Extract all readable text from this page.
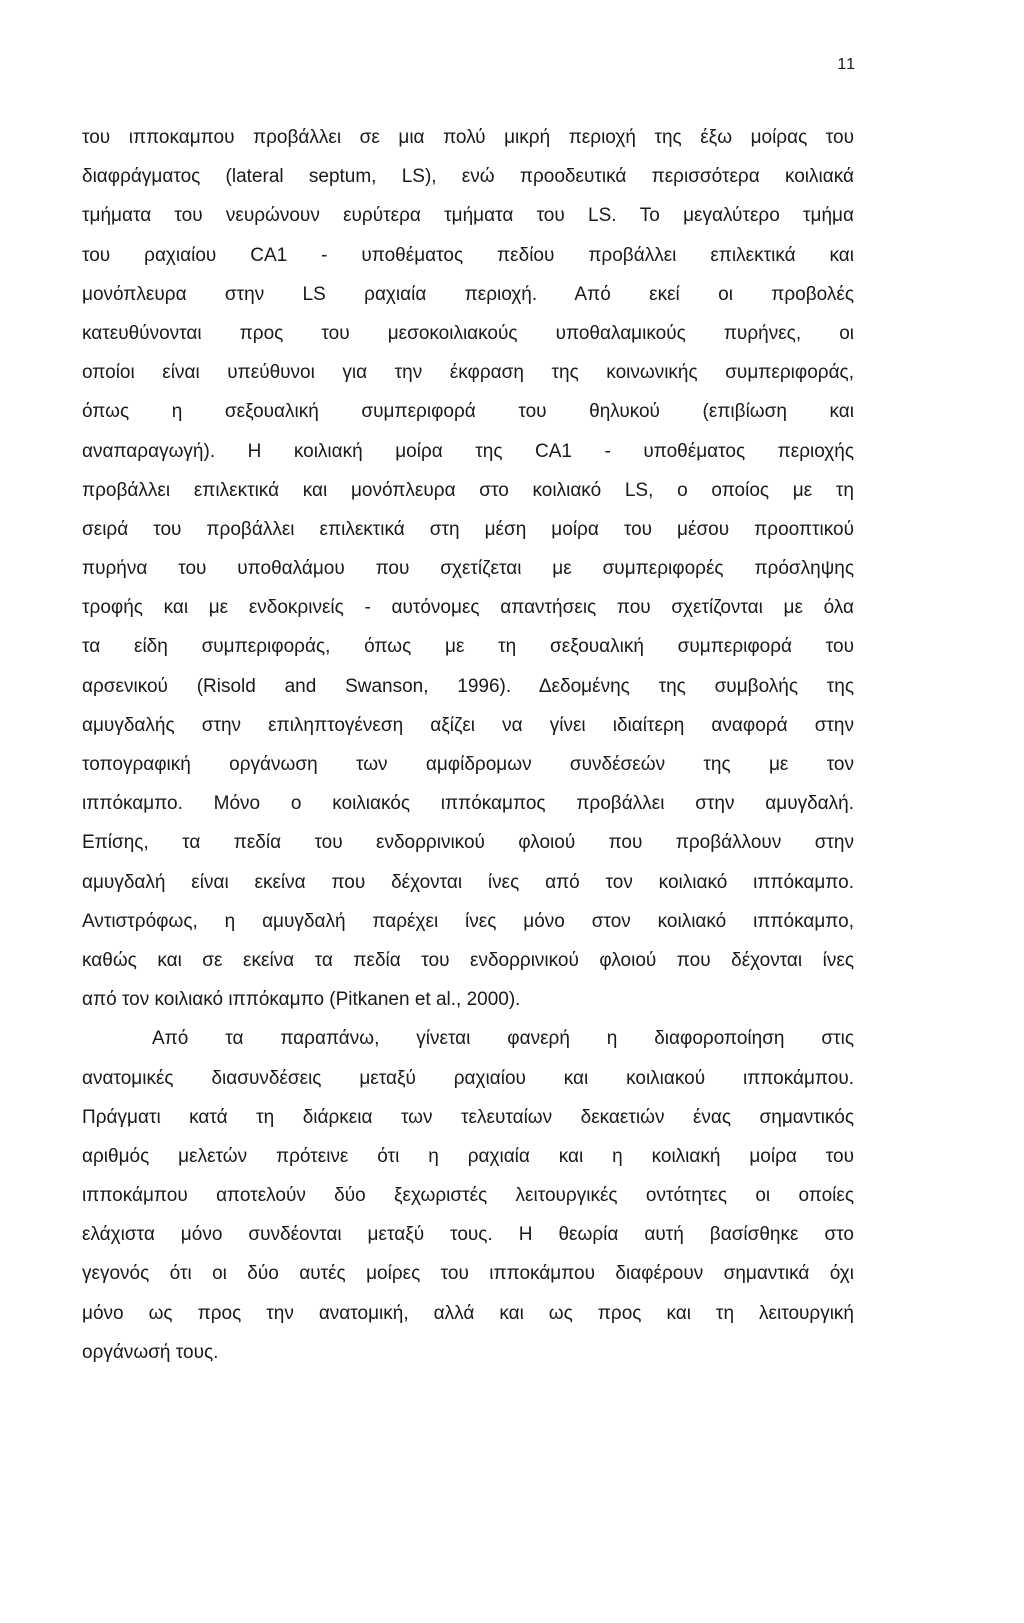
11
του ιπποκαμπου προβάλλει σε μια πολύ μικρή περιοχή της έξω μοίρας του
διαφράγματος (lateral septum, LS), ενώ προοδευτικά περισσότερα κοιλιακά
τμήματα του νευρώνουν ευρύτερα τμήματα του LS. Το μεγαλύτερο τμήμα
του ραχιαίου CA1 - υποθέματος πεδίου προβάλλει επιλεκτικά και
μονόπλευρα στην LS ραχιαία περιοχή. Από εκεί οι προβολές
κατευθύνονται προς του μεσοκοιλιακούς υποθαλαμικούς πυρήνες, οι
οποίοι είναι υπεύθυνοι για την έκφραση της κοινωνικής συμπεριφοράς,
όπως η σεξουαλική συμπεριφορά του θηλυκού (επιβίωση και
αναπαραγωγή). Η κοιλιακή μοίρα της CA1 - υποθέματος περιοχής
προβάλλει επιλεκτικά και μονόπλευρα στο κοιλιακό LS, ο οποίος με τη
σειρά του προβάλλει επιλεκτικά στη μέση μοίρα του μέσου προοπτικού
πυρήνα του υποθαλάμου που σχετίζεται με συμπεριφορές πρόσληψης
τροφής και με ενδοκρινείς - αυτόνομες απαντήσεις που σχετίζονται με όλα
τα είδη συμπεριφοράς, όπως με τη σεξουαλική συμπεριφορά του
αρσενικού (Risold and Swanson, 1996). Δεδομένης της συμβολής της
αμυγδαλής στην επιληπτογένεση αξίζει να γίνει ιδιαίτερη αναφορά στην
τοπογραφική οργάνωση των αμφίδρομων συνδέσεών της με τον
ιππόκαμπο. Μόνο ο κοιλιακός ιππόκαμπος προβάλλει στην αμυγδαλή.
Επίσης, τα πεδία του ενδορρινικού φλοιού που προβάλλουν στην
αμυγδαλή είναι εκείνα που δέχονται ίνες από τον κοιλιακό ιππόκαμπο.
Αντιστρόφως, η αμυγδαλή παρέχει ίνες μόνο στον κοιλιακό ιππόκαμπο,
καθώς και σε εκείνα τα πεδία του ενδορρινικού φλοιού που δέχονται ίνες
από τον κοιλιακό ιππόκαμπο (Pitkanen et al., 2000).
Από τα παραπάνω, γίνεται φανερή η διαφοροποίηση στις
ανατομικές διασυνδέσεις μεταξύ ραχιαίου και κοιλιακού ιπποκάμπου.
Πράγματι κατά τη διάρκεια των τελευταίων δεκαετιών ένας σημαντικός
αριθμός μελετών πρότεινε ότι η ραχιαία και η κοιλιακή μοίρα του
ιπποκάμπου αποτελούν δύο ξεχωριστές λειτουργικές οντότητες οι οποίες
ελάχιστα μόνο συνδέονται μεταξύ τους. Η θεωρία αυτή βασίσθηκε στο
γεγονός ότι οι δύο αυτές μοίρες του ιπποκάμπου διαφέρουν σημαντικά όχι
μόνο ως προς την ανατομική, αλλά και ως προς και τη λειτουργική
οργάνωσή τους.
